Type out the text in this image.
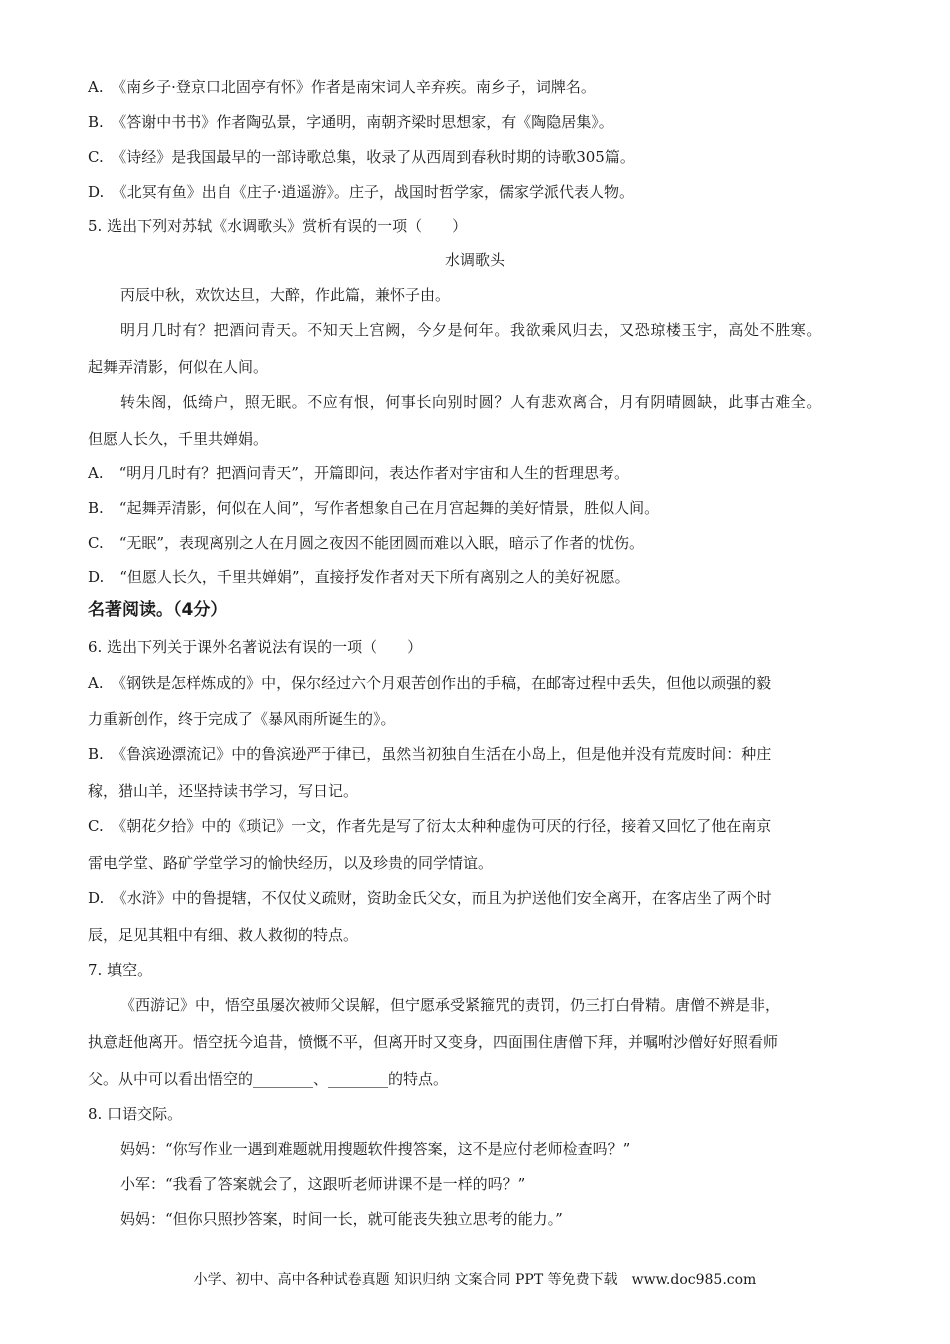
A.　《南乡子·登京口北固亭有怀》作者是南宋词人辛弃疾。南乡子，词牌名。
B.　《答谢中书书》作者陶弘景，字通明，南朝齐梁时思想家，有《陶隐居集》。
C.　《诗经》是我国最早的一部诗歌总集，收录了从西周到春秋时期的诗歌305篇。
D.　《北冥有鱼》出自《庄子·逍遥游》。庄子，战国时哲学家，儒家学派代表人物。
5. 选出下列对苏轼《水调歌头》赏析有误的一项（　　）
水调歌头
丙辰中秋，欢饮达旦，大醉，作此篇，兼怀子由。
明月几时有？把酒问青天。不知天上宫阙，今夕是何年。我欲乘风归去，又恐琼楼玉宇，高处不胜寒。
起舞弄清影，何似在人间。
转朱阁，低绮户，照无眠。不应有恨，何事长向别时圆？人有悲欢离合，月有阴晴圆缺，此事古难全。
但愿人长久，千里共婵娟。
A.　“明月几时有？把酒问青天”，开篇即问，表达作者对宇宙和人生的哲理思考。
B.　“起舞弄清影，何似在人间”，写作者想象自己在月宫起舞的美好情景，胜似人间。
C.　“无眠”，表现离别之人在月圆之夜因不能团圆而难以入眠，暗示了作者的忧伤。
D.　“但愿人长久，千里共婵娟”，直接抒发作者对天下所有离别之人的美好祝愿。
名著阅读。（4分）
6. 选出下列关于课外名著说法有误的一项（　　）
A.　《钢铁是怎样炼成的》中，保尔经过六个月艰苦创作出的手稿，在邮寄过程中丢失，但他以顽强的毅
力重新创作，终于完成了《暴风雨所诞生的》。
B.　《鲁滨逊漂流记》中的鲁滨逊严于律已，虽然当初独自生活在小岛上，但是他并没有荒废时间：种庄
稼，猎山羊，还坚持读书学习，写日记。
C.　《朝花夕拾》中的《琐记》一文，作者先是写了衍太太种种虚伪可厌的行径，接着又回忆了他在南京
雷电学堂、路矿学堂学习的愉快经历，以及珍贵的同学情谊。
D.　《水浒》中的鲁提辖，不仅仗义疏财，资助金氏父女，而且为护送他们安全离开，在客店坐了两个时
辰，足见其粗中有细、救人救彻的特点。
7. 填空。
《西游记》中，悟空虽屡次被师父误解，但宁愿承受紧箍咒的责罚，仍三打白骨精。唐僧不辨是非，
执意赶他离开。悟空抚今追昔，愤慨不平，但离开时又变身，四面围住唐僧下拜，并嘱咐沙僧好好照看师
父。从中可以看出悟空的________、________的特点。
8. 口语交际。
妈妈：“你写作业一遇到难题就用搜题软件搜答案，这不是应付老师检查吗？”
小军：“我看了答案就会了，这跟听老师讲课不是一样的吗？”
妈妈：“但你只照抄答案，时间一长，就可能丧失独立思考的能力。”
小学、初中、高中各种试卷真题 知识归纳 文案合同 PPT 等免费下载　www.doc985.com
